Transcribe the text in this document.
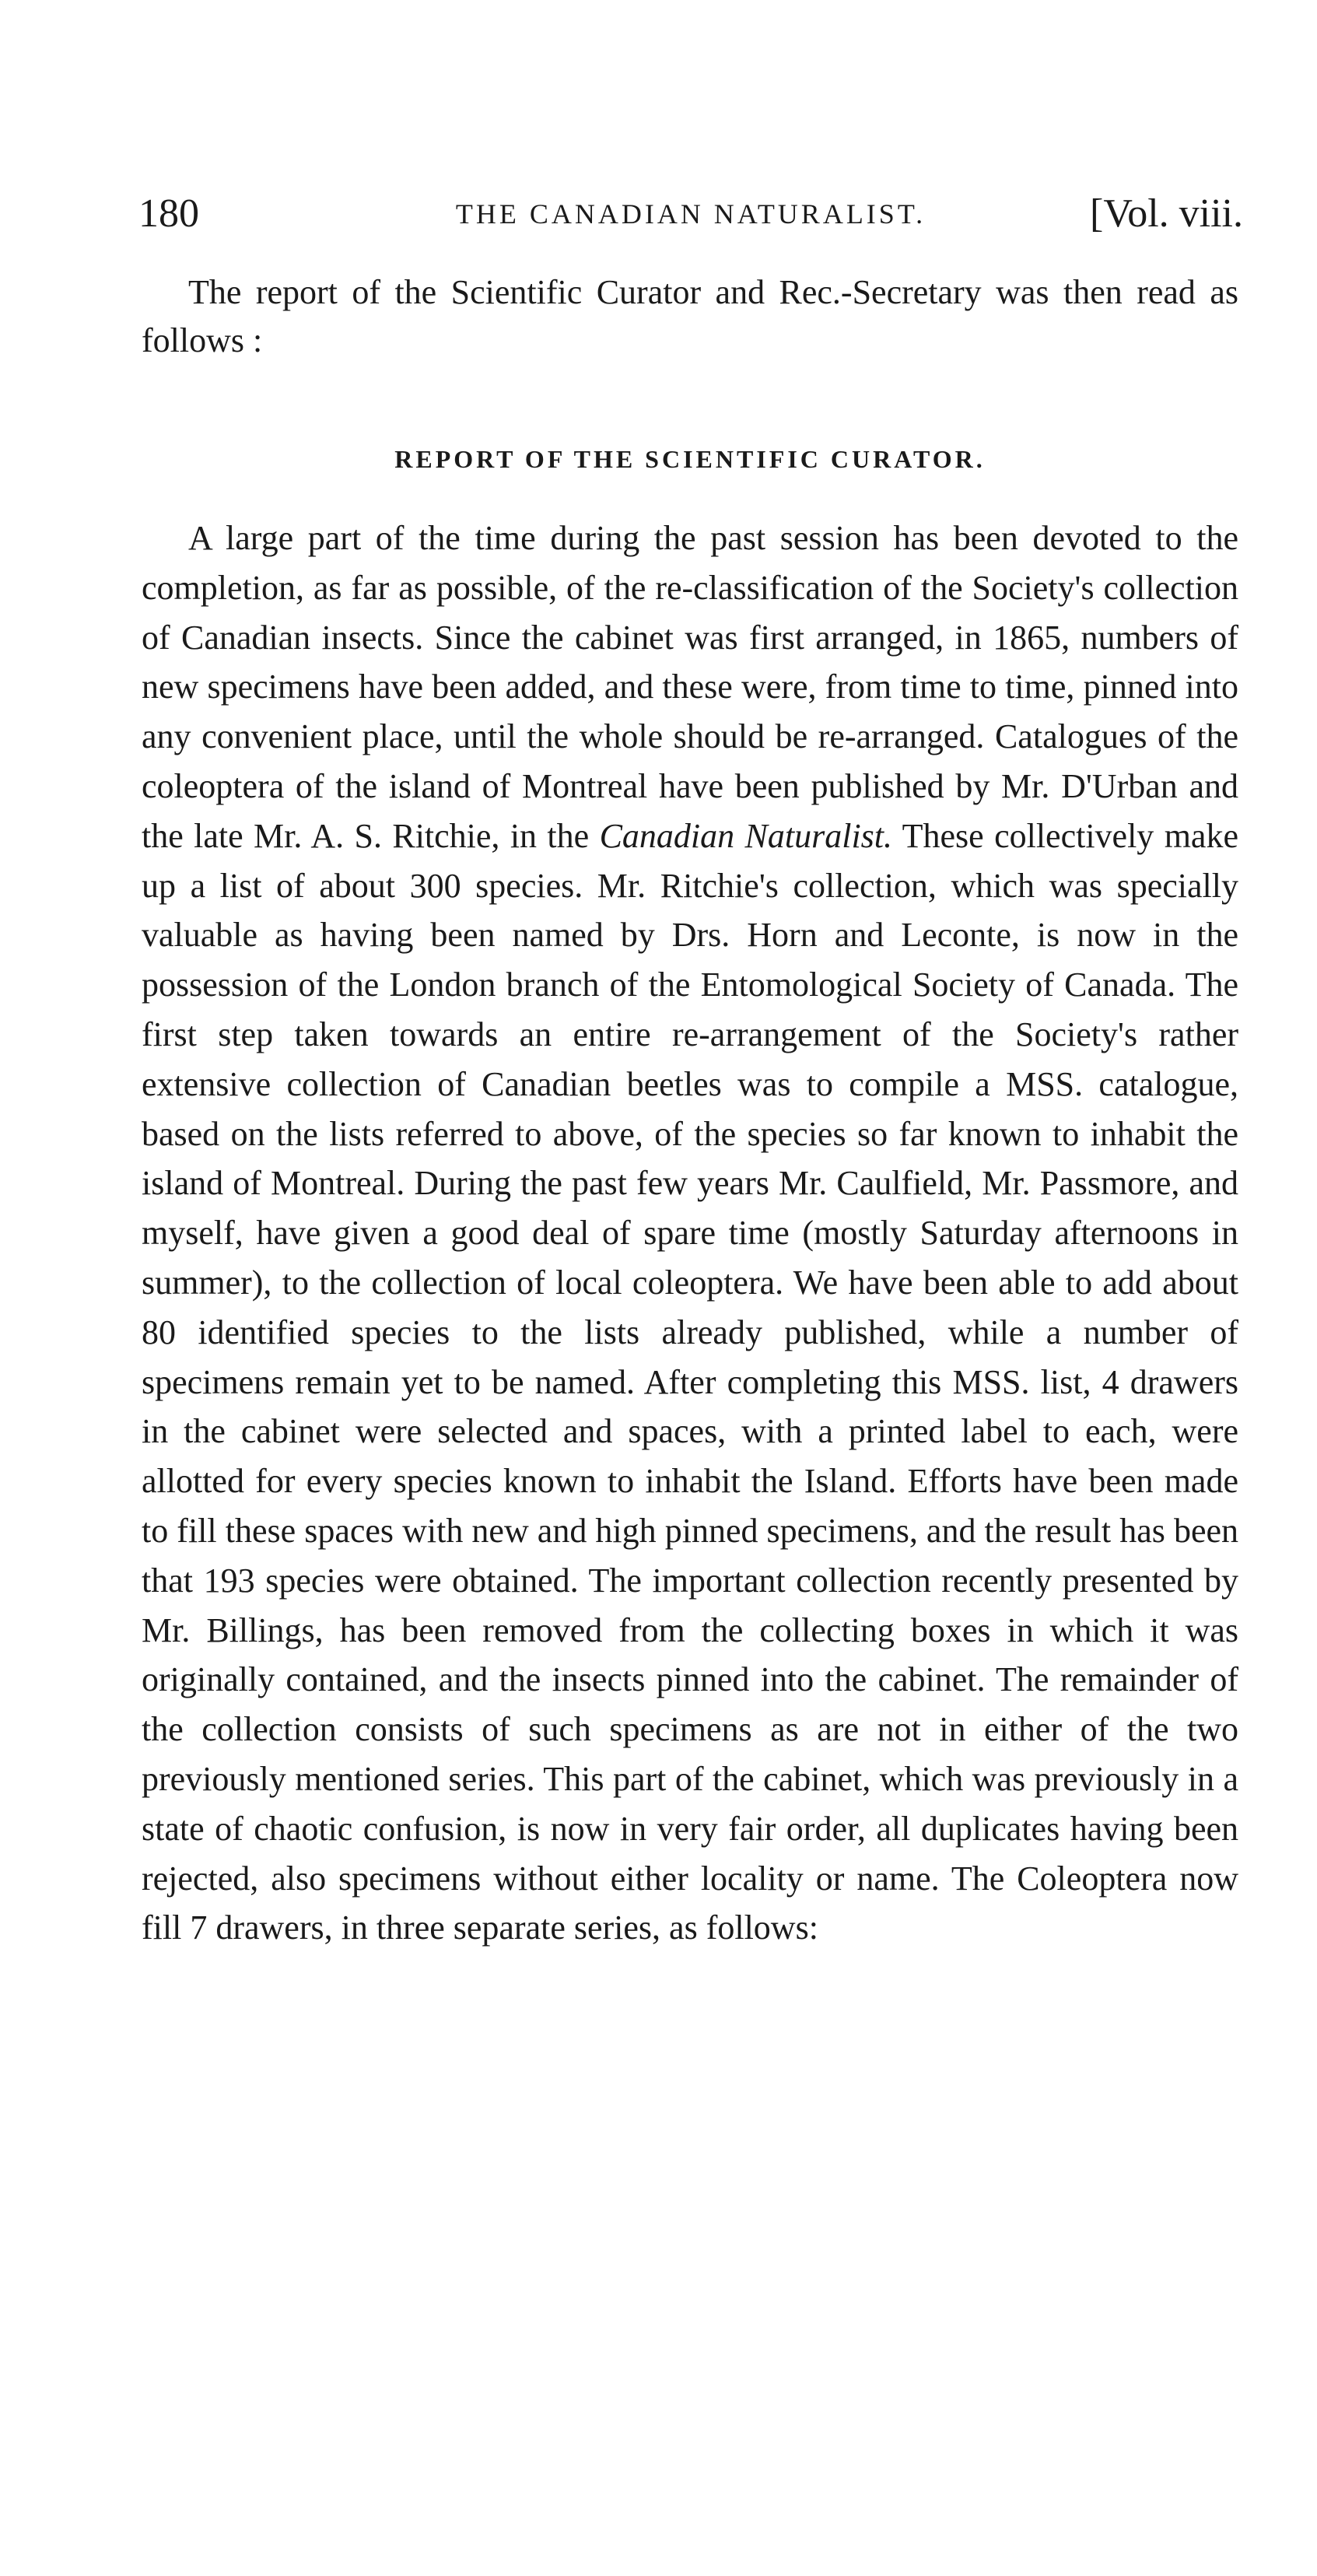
180	THE CANADIAN NATURALIST.	[Vol. viii.

The report of the Scientific Curator and Rec.-Secretary was then read as follows :

REPORT OF THE SCIENTIFIC CURATOR.

A large part of the time during the past session has been devoted to the completion, as far as possible, of the re-classification of the Society's collection of Canadian insects. Since the cabinet was first arranged, in 1865, numbers of new specimens have been added, and these were, from time to time, pinned into any convenient place, until the whole should be re-arranged. Catalogues of the coleoptera of the island of Montreal have been published by Mr. D'Urban and the late Mr. A. S. Ritchie, in the Canadian Naturalist. These collectively make up a list of about 300 species. Mr. Ritchie's collection, which was specially valuable as having been named by Drs. Horn and Leconte, is now in the possession of the London branch of the Entomological Society of Canada. The first step taken towards an entire re-arrangement of the Society's rather extensive collection of Canadian beetles was to compile a MSS. catalogue, based on the lists referred to above, of the species so far known to inhabit the island of Montreal. During the past few years Mr. Caulfield, Mr. Passmore, and myself, have given a good deal of spare time (mostly Saturday afternoons in summer), to the collection of local coleoptera. We have been able to add about 80 identified species to the lists already published, while a number of specimens remain yet to be named. After completing this MSS. list, 4 drawers in the cabinet were selected and spaces, with a printed label to each, were allotted for every species known to inhabit the Island. Efforts have been made to fill these spaces with new and high pinned specimens, and the result has been that 193 species were obtained. The important collection recently presented by Mr. Billings, has been removed from the collecting boxes in which it was originally contained, and the insects pinned into the cabinet. The remainder of the collection consists of such specimens as are not in either of the two previously mentioned series. This part of the cabinet, which was previously in a state of chaotic confusion, is now in very fair order, all duplicates having been rejected, also specimens without either locality or name. The Coleoptera now fill 7 drawers, in three separate series, as follows:
